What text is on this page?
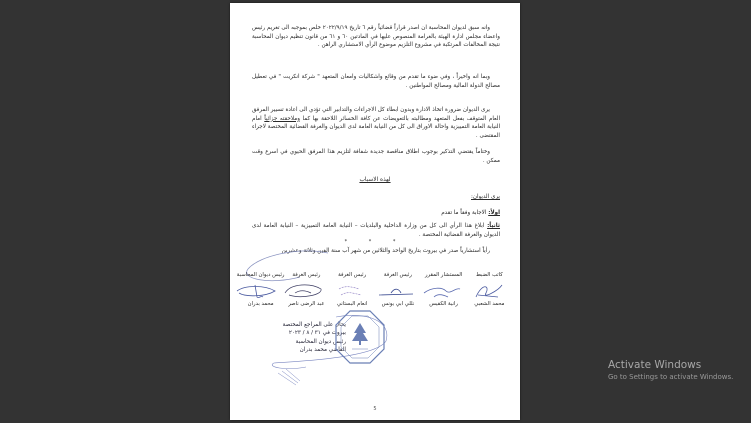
وانه سبق لديوان المحاسبة ان اصدر قراراً قضائياً رقم ٦ تاريخ ٢٠٢٢/٩/١٩ خلص بموجبه الى تغريم رئيس واعضاء مجلس ادارة الهيئة بالغرامة المنصوص عليها في المادتين ٦٠ و ٦١ من قانون تنظيم ديوان المحاسبة نتيجة المخالفات المرتكبة في مشروع التلزيم موضوع الرأي الاستشاري الراهن .
وبما انه واخيراً ، وفي ضوء ما تقدم من وقائع واشكاليات وامعان المتعهد " شركة انكريت " في تعطيل مصالح الدولة المالية ومصالح المواطنين .
يرى الديوان ضرورة اتخاذ الادارة وبدون ابطاء كل الاجراءات والتدابير التي تؤدي الى اعادة تسيير المرفق العام المتوقف بفعل المتعهد ومطالبته بالتعويضات عن كافة الخسائر اللاحقة بها كما وملاحقته جزائياً امام النيابة العامة التمييزية واحالة الاوراق الى كل من النيابة العامة لدى الديوان والغرفة القضائية المختصة لاجراء المقتضى .
وختاماً يقتضي التذكير بوجوب اطلاق مناقصة جديدة شفافة لتلزيم هذا المرفق الحيوي في اسرع وقت ممكن .
لهذه الاسباب
يرى الديوان:
اولاً: الاجابة وفقاً ما تقدم
ثانياً: ابلاغ هذا الرأي الى كل من وزارة الداخلية والبلديات – النيابة العامة التمييزية – النيابة العامة لدى الديوان والغرفة القضائية المختصة .
* * *
رأياً استشارياً صدر في بيروت بتاريخ الواحد والثلاثين من شهر آب سنة الفين وثلاثة وعشرين
كاتب الضبط
محمد الشعبي
المستشار المقرر
رانية الكفيس
رئيس الغرفة
نللي ابي يونس
رئيس الغرفة
انعام البستاني
رئيس الغرفة
عبد الرضى ناصر
رئيس ديوان المحاسبة
محمد بدران
يحال على المراجع المختصة
بيروت في ٣١ / ٨ / ٢٠٢٣
رئيس ديوان المحاسبة
القاضي محمد بدران
5
Activate Windows
Go to Settings to activate Windows.
